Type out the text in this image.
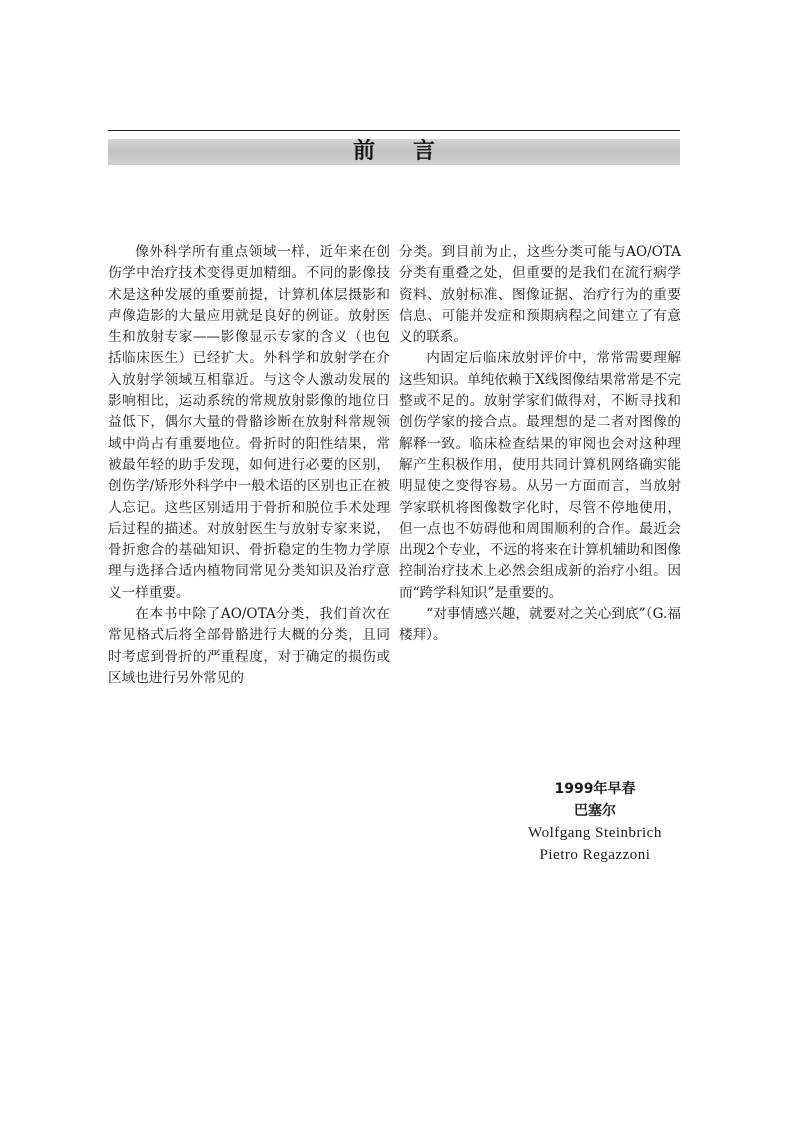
前言

像外科学所有重点领域一样，近年来在创伤学中治疗技术变得更加精细。不同的影像技术是这种发展的重要前提，计算机体层摄影和声像造影的大量应用就是良好的例证。放射医生和放射专家——影像显示专家的含义（也包括临床医生）已经扩大。外科学和放射学在介入放射学领域互相靠近。与这令人激动发展的影响相比，运动系统的常规放射影像的地位日益低下，偶尔大量的骨骼诊断在放射科常规领域中尚占有重要地位。骨折时的阳性结果，常被最年轻的助手发现，如何进行必要的区别，创伤学/矫形外科学中一般术语的区别也正在被人忘记。这些区别适用于骨折和脱位手术处理后过程的描述。对放射医生与放射专家来说，骨折愈合的基础知识、骨折稳定的生物力学原理与选择合适内植物同常见分类知识及治疗意义一样重要。

在本书中除了AO/OTA分类，我们首次在常见格式后将全部骨骼进行大概的分类，且同时考虑到骨折的严重程度，对于确定的损伤或区域也进行另外常见的

分类。到目前为止，这些分类可能与AO/OTA分类有重叠之处，但重要的是我们在流行病学资料、放射标准、图像证据、治疗行为的重要信息、可能并发症和预期病程之间建立了有意义的联系。

内固定后临床放射评价中，常常需要理解这些知识。单纯依赖于X线图像结果常常是不完整或不足的。放射学家们做得对，不断寻找和创伤学家的接合点。最理想的是二者对图像的解释一致。临床检查结果的审阅也会对这种理解产生积极作用，使用共同计算机网络确实能明显使之变得容易。从另一方面而言，当放射学家联机将图像数字化时，尽管不停地使用，但一点也不妨碍他和周围顺利的合作。最近会出现2个专业，不远的将来在计算机辅助和图像控制治疗技术上必然会组成新的治疗小组。因而“跨学科知识”是重要的。

“对事情感兴趣，就要对之关心到底”（G.福楼拜）。

1999年早春
巴塞尔
Wolfgang Steinbrich
Pietro Regazzoni
